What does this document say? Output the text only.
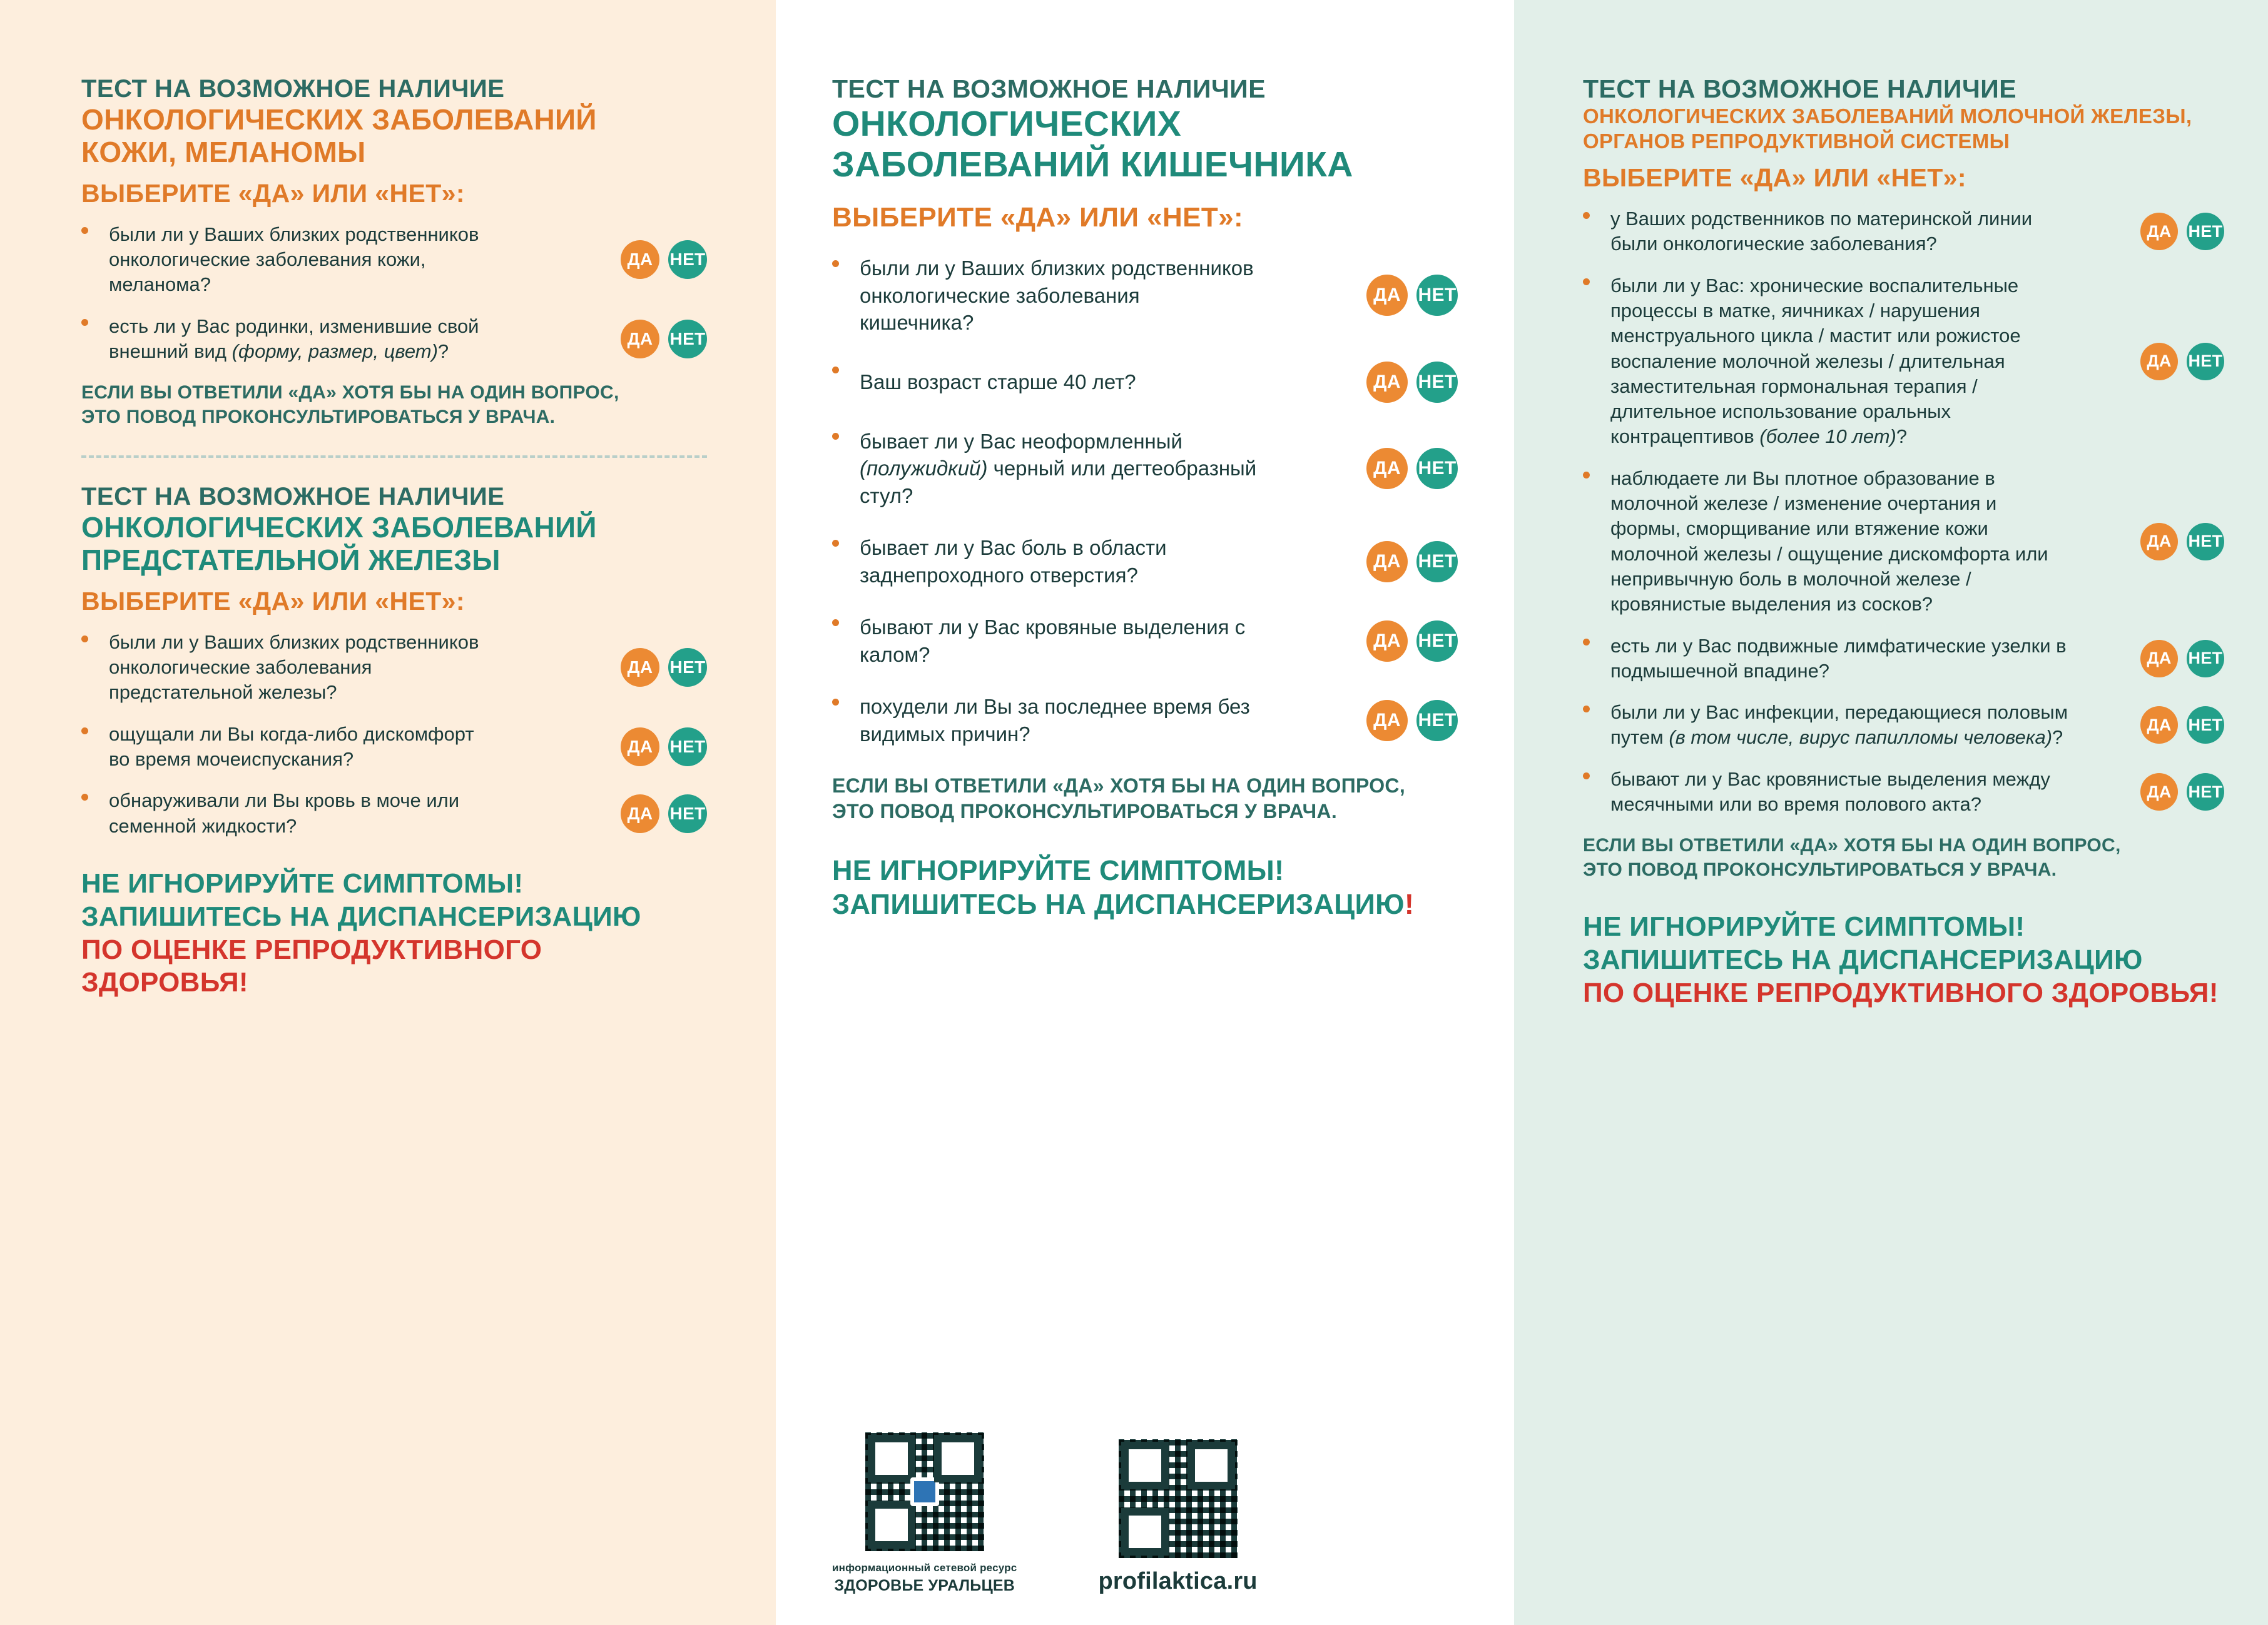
ТЕСТ НА ВОЗМОЖНОЕ НАЛИЧИЕ
ОНКОЛОГИЧЕСКИХ ЗАБОЛЕВАНИЙ
КОЖИ, МЕЛАНОМЫ
ВЫБЕРИТЕ «ДА» ИЛИ «НЕТ»:
были ли у Ваших близких родственников онкологические заболевания кожи, меланома?
ДА НЕТ
есть ли у Вас родинки, изменившие свой внешний вид (форму, размер, цвет)?
ДА НЕТ
ЕСЛИ ВЫ ОТВЕТИЛИ «ДА» ХОТЯ БЫ НА ОДИН ВОПРОС,
ЭТО ПОВОД ПРОКОНСУЛЬТИРОВАТЬСЯ У ВРАЧА.
ТЕСТ НА ВОЗМОЖНОЕ НАЛИЧИЕ
ОНКОЛОГИЧЕСКИХ ЗАБОЛЕВАНИЙ
ПРЕДСТАТЕЛЬНОЙ ЖЕЛЕЗЫ
ВЫБЕРИТЕ «ДА» ИЛИ «НЕТ»:
были ли у Ваших близких родственников онкологические заболевания предстательной железы?
ДА НЕТ
ощущали ли Вы когда-либо дискомфорт во время мочеиспускания?
ДА НЕТ
обнаруживали ли Вы кровь в моче или семенной жидкости?
ДА НЕТ
НЕ ИГНОРИРУЙТЕ СИМПТОМЫ!
ЗАПИШИТЕСЬ НА ДИСПАНСЕРИЗАЦИЮ
ПО ОЦЕНКЕ РЕПРОДУКТИВНОГО ЗДОРОВЬЯ!
ТЕСТ НА ВОЗМОЖНОЕ НАЛИЧИЕ
ОНКОЛОГИЧЕСКИХ
ЗАБОЛЕВАНИЙ КИШЕЧНИКА
ВЫБЕРИТЕ «ДА» ИЛИ «НЕТ»:
были ли у Ваших близких родственников онкологические заболевания кишечника?
ДА НЕТ
Ваш возраст старше 40 лет?	ДА НЕТ
бывает ли у Вас неоформленный (полужидкий) черный или дегтеобразный стул?
ДА НЕТ
бывает ли у Вас боль в области заднепроходного отверстия?
ДА НЕТ
бывают ли у Вас кровяные выделения с калом?
ДА НЕТ
похудели ли Вы за последнее время без видимых причин?
ДА НЕТ
ЕСЛИ ВЫ ОТВЕТИЛИ «ДА» ХОТЯ БЫ НА ОДИН ВОПРОС,
ЭТО ПОВОД ПРОКОНСУЛЬТИРОВАТЬСЯ У ВРАЧА.
НЕ ИГНОРИРУЙТЕ СИМПТОМЫ!
ЗАПИШИТЕСЬ НА ДИСПАНСЕРИЗАЦИЮ!
информационный сетевой ресурс
ЗДОРОВЬЕ УРАЛЬЦЕВ	profilaktica.ru
ТЕСТ НА ВОЗМОЖНОЕ НАЛИЧИЕ
ОНКОЛОГИЧЕСКИХ ЗАБОЛЕВАНИЙ МОЛОЧНОЙ ЖЕЛЕЗЫ,
ОРГАНОВ РЕПРОДУКТИВНОЙ СИСТЕМЫ
ВЫБЕРИТЕ «ДА» ИЛИ «НЕТ»:
у Ваших родственников по материнской линии были онкологические заболевания?
ДА НЕТ
были ли у Вас: хронические воспалительные процессы в матке, яичниках / нарушения менструального цикла / мастит или рожистое воспаление молочной железы / длительная заместительная гормональная терапия / длительное использование оральных контрацептивов (более 10 лет)?
ДА НЕТ
наблюдаете ли Вы плотное образование в молочной железе / изменение очертания и формы, сморщивание или втяжение кожи молочной железы / ощущение дискомфорта или непривычную боль в молочной железе / кровянистые выделения из сосков?
ДА НЕТ
есть ли у Вас подвижные лимфатические узелки в подмышечной впадине?
ДА НЕТ
были ли у Вас инфекции, передающиеся половым путем (в том числе, вирус папилломы человека)?
ДА НЕТ
бывают ли у Вас кровянистые выделения между месячными или во время полового акта?
ДА НЕТ
ЕСЛИ ВЫ ОТВЕТИЛИ «ДА» ХОТЯ БЫ НА ОДИН ВОПРОС,
ЭТО ПОВОД ПРОКОНСУЛЬТИРОВАТЬСЯ У ВРАЧА.
НЕ ИГНОРИРУЙТЕ СИМПТОМЫ!
ЗАПИШИТЕСЬ НА ДИСПАНСЕРИЗАЦИЮ
ПО ОЦЕНКЕ РЕПРОДУКТИВНОГО ЗДОРОВЬЯ!
